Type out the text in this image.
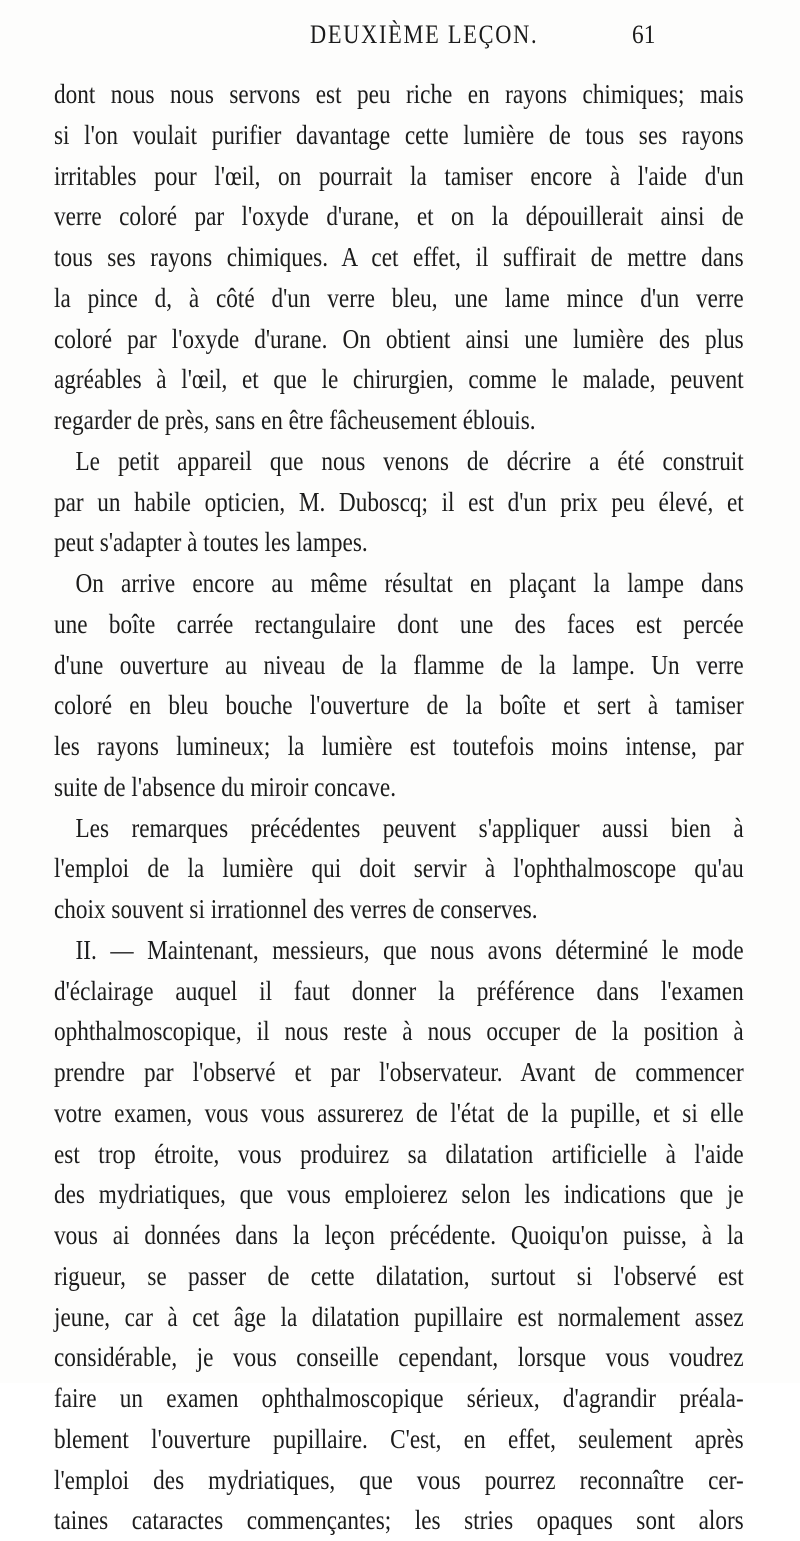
DEUXIÈME LEÇON.	61
dont nous nous servons est peu riche en rayons chimiques; mais
si l'on voulait purifier davantage cette lumière de tous ses rayons
irritables pour l'œil, on pourrait la tamiser encore à l'aide d'un
verre coloré par l'oxyde d'urane, et on la dépouillerait ainsi de
tous ses rayons chimiques. A cet effet, il suffirait de mettre dans
la pince d, à côté d'un verre bleu, une lame mince d'un verre
coloré par l'oxyde d'urane. On obtient ainsi une lumière des plus
agréables à l'œil, et que le chirurgien, comme le malade, peuvent
regarder de près, sans en être fâcheusement éblouis.
Le petit appareil que nous venons de décrire a été construit
par un habile opticien, M. Duboscq; il est d'un prix peu élevé, et
peut s'adapter à toutes les lampes.
On arrive encore au même résultat en plaçant la lampe dans
une boîte carrée rectangulaire dont une des faces est percée
d'une ouverture au niveau de la flamme de la lampe. Un verre
coloré en bleu bouche l'ouverture de la boîte et sert à tamiser
les rayons lumineux; la lumière est toutefois moins intense, par
suite de l'absence du miroir concave.
Les remarques précédentes peuvent s'appliquer aussi bien à
l'emploi de la lumière qui doit servir à l'ophthalmoscope qu'au
choix souvent si irrationnel des verres de conserves.
II. — Maintenant, messieurs, que nous avons déterminé le mode
d'éclairage auquel il faut donner la préférence dans l'examen
ophthalmoscopique, il nous reste à nous occuper de la position à
prendre par l'observé et par l'observateur. Avant de commencer
votre examen, vous vous assurerez de l'état de la pupille, et si elle
est trop étroite, vous produirez sa dilatation artificielle à l'aide
des mydriatiques, que vous emploierez selon les indications que je
vous ai données dans la leçon précédente. Quoiqu'on puisse, à la
rigueur, se passer de cette dilatation, surtout si l'observé est
jeune, car à cet âge la dilatation pupillaire est normalement assez
considérable, je vous conseille cependant, lorsque vous voudrez
faire un examen ophthalmoscopique sérieux, d'agrandir préala-
blement l'ouverture pupillaire. C'est, en effet, seulement après
l'emploi des mydriatiques, que vous pourrez reconnaître cer-
taines cataractes commençantes; les stries opaques sont alors
